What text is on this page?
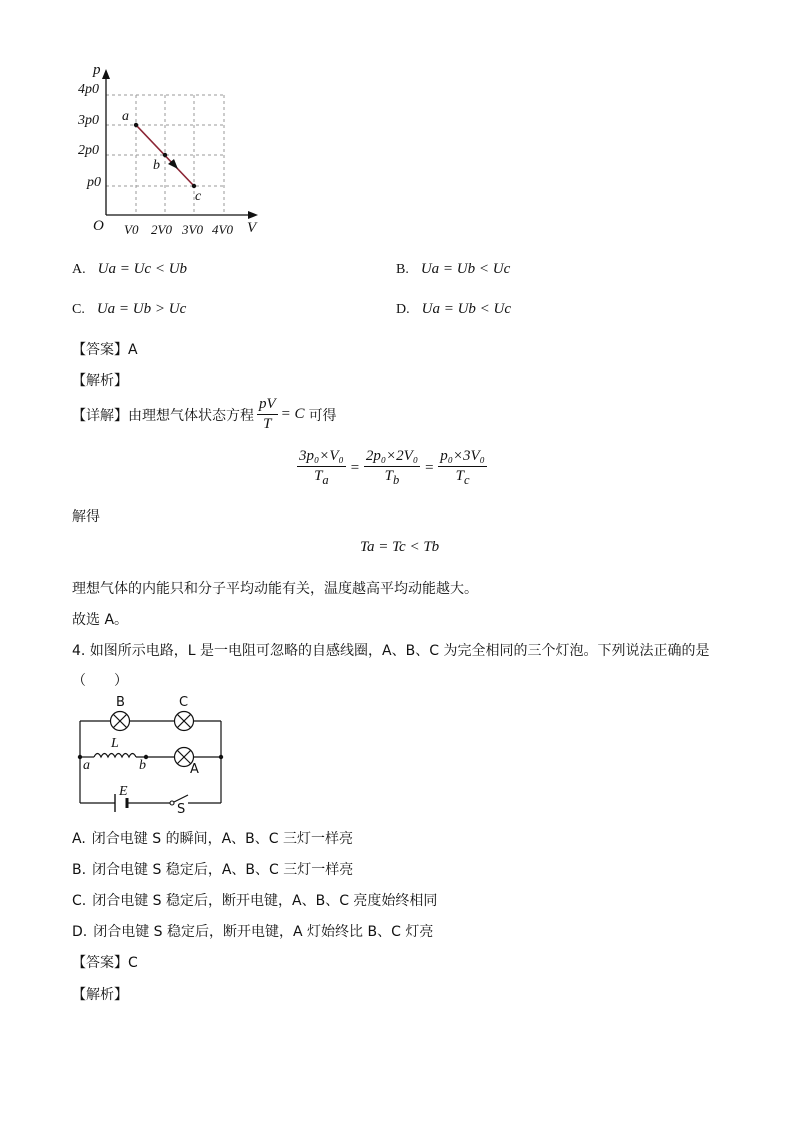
p
V
O
a
b
c
4p0
3p0
2p0
p0
V0 2V0 3V0 4V0
A. Ua = Uc < Ub	B. Ua = Ub < Uc
C. Ua = Ub > Uc	D. Ua = Ub < Uc
【答案】A
【解析】
【详解】 由理想气体状态方程 $\frac{pV}{T} = C$ 可得
$\frac{\text{3p₀×V₀}}{T_a} = \frac{\text{2p₀×2V₀}}{T_b} = \frac{\text{p₀×3V₀}}{T_c}$
解得
Ta = Tc < Tb
理想气体的内能只和分子平均动能有关，温度越高平均动能越大。
故选 A。
4. 如图所示电路，L 是一电阻可忽略的自感线圈，A、B、C 为完全相同的三个灯泡。下列说法正确的是
（　　）
B	C
L
a	b	A
E
S
A. 闭合电键 S 的瞬间，A、B、C 三灯一样亮
B. 闭合电键 S 稳定后，A、B、C 三灯一样亮
C. 闭合电键 S 稳定后，断开电键，A、B、C 亮度始终相同
D. 闭合电键 S 稳定后，断开电键，A 灯始终比 B、C 灯亮
【答案】C
【解析】
